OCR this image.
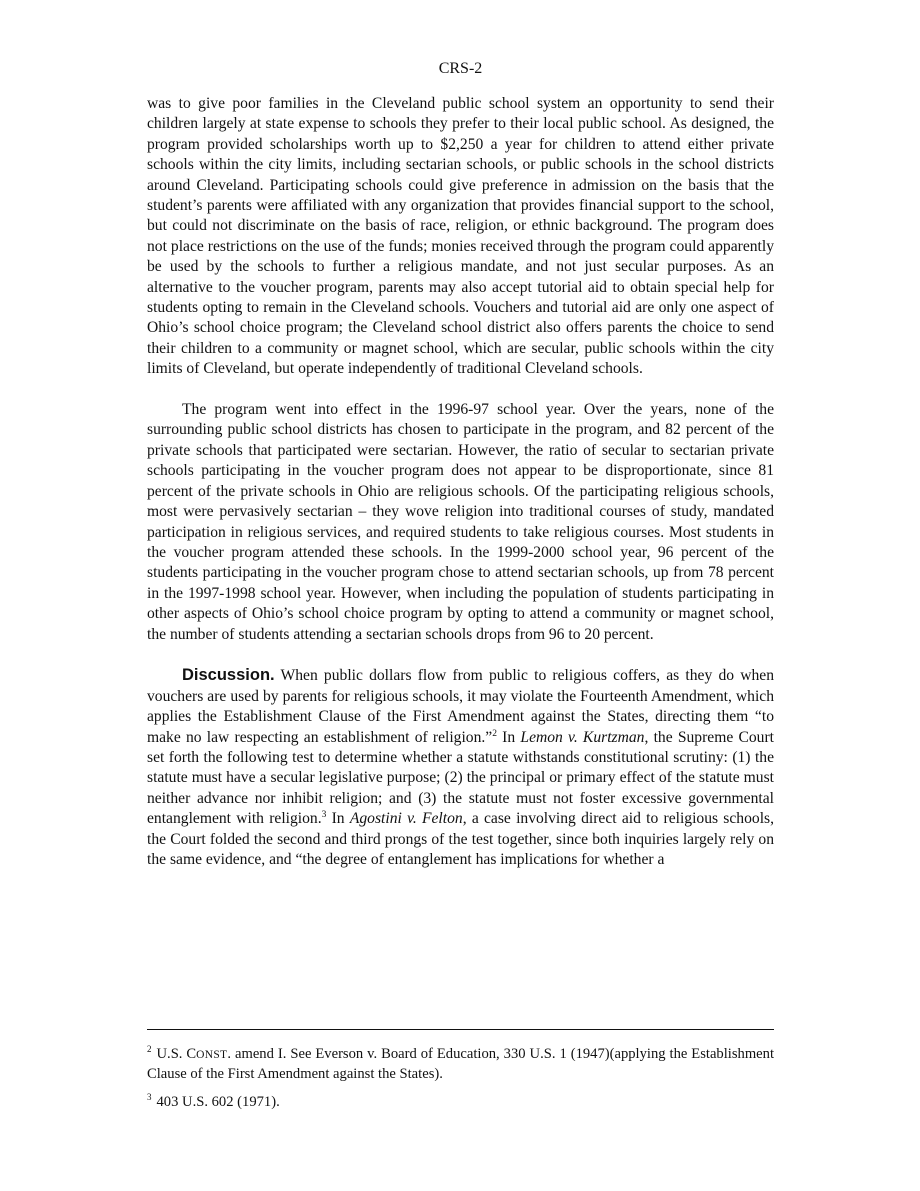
CRS-2

was to give poor families in the Cleveland public school system an opportunity to send their children largely at state expense to schools they prefer to their local public school. As designed, the program provided scholarships worth up to $2,250 a year for children to attend either private schools within the city limits, including sectarian schools, or public schools in the school districts around Cleveland. Participating schools could give preference in admission on the basis that the student’s parents were affiliated with any organization that provides financial support to the school, but could not discriminate on the basis of race, religion, or ethnic background. The program does not place restrictions on the use of the funds; monies received through the program could apparently be used by the schools to further a religious mandate, and not just secular purposes. As an alternative to the voucher program, parents may also accept tutorial aid to obtain special help for students opting to remain in the Cleveland schools. Vouchers and tutorial aid are only one aspect of Ohio’s school choice program; the Cleveland school district also offers parents the choice to send their children to a community or magnet school, which are secular, public schools within the city limits of Cleveland, but operate independently of traditional Cleveland schools.

The program went into effect in the 1996-97 school year. Over the years, none of the surrounding public school districts has chosen to participate in the program, and 82 percent of the private schools that participated were sectarian. However, the ratio of secular to sectarian private schools participating in the voucher program does not appear to be disproportionate, since 81 percent of the private schools in Ohio are religious schools. Of the participating religious schools, most were pervasively sectarian – they wove religion into traditional courses of study, mandated participation in religious services, and required students to take religious courses. Most students in the voucher program attended these schools. In the 1999-2000 school year, 96 percent of the students participating in the voucher program chose to attend sectarian schools, up from 78 percent in the 1997-1998 school year. However, when including the population of students participating in other aspects of Ohio’s school choice program by opting to attend a community or magnet school, the number of students attending a sectarian schools drops from 96 to 20 percent.

Discussion. When public dollars flow from public to religious coffers, as they do when vouchers are used by parents for religious schools, it may violate the Fourteenth Amendment, which applies the Establishment Clause of the First Amendment against the States, directing them “to make no law respecting an establishment of religion.”$^2$ In Lemon v. Kurtzman, the Supreme Court set forth the following test to determine whether a statute withstands constitutional scrutiny: (1) the statute must have a secular legislative purpose; (2) the principal or primary effect of the statute must neither advance nor inhibit religion; and (3) the statute must not foster excessive governmental entanglement with religion.$^3$ In Agostini v. Felton, a case involving direct aid to religious schools, the Court folded the second and third prongs of the test together, since both inquiries largely rely on the same evidence, and “the degree of entanglement has implications for whether a

$^2$ U.S. CONST. amend I. See Everson v. Board of Education, 330 U.S. 1 (1947)(applying the Establishment Clause of the First Amendment against the States).
$^3$ 403 U.S. 602 (1971).
